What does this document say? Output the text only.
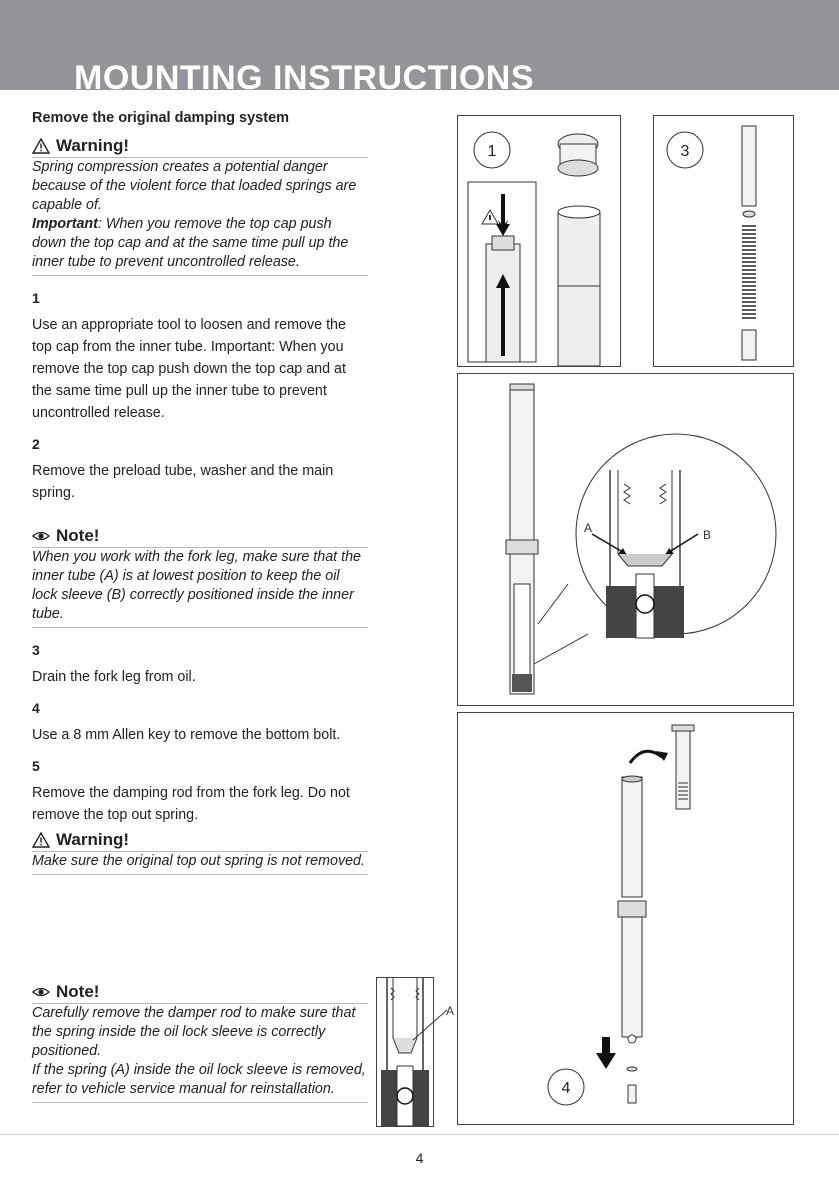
MOUNTING INSTRUCTIONS
Remove the original damping system
Warning!
Spring compression creates a potential danger because of the violent force that loaded springs are capable of.
Important: When you remove the top cap push down the top cap and at the same time pull up the inner tube to prevent uncontrolled release.
1
Use an appropriate tool to loosen and remove the top cap from the inner tube. Important: When you remove the top cap push down the top cap and at the same time pull up the inner tube to prevent uncontrolled release.
2
Remove the preload tube, washer and the main spring.
Note!
When you work with the fork leg, make sure that the inner tube (A) is at lowest position to keep the oil lock sleeve (B) correctly positioned inside the inner tube.
3
Drain the fork leg from oil.
4
Use a 8 mm Allen key to remove the bottom bolt.
5
Remove the damping rod from the fork leg. Do not remove the top out spring.
Warning!
Make sure the original top out spring is not removed.
Note!
Carefully remove the damper rod to make sure that the spring inside the oil lock sleeve is correctly positioned.
If the spring (A) inside the oil lock sleeve is removed, refer to vehicle service manual for reinstallation.
A
1	3
A	B
4
4
